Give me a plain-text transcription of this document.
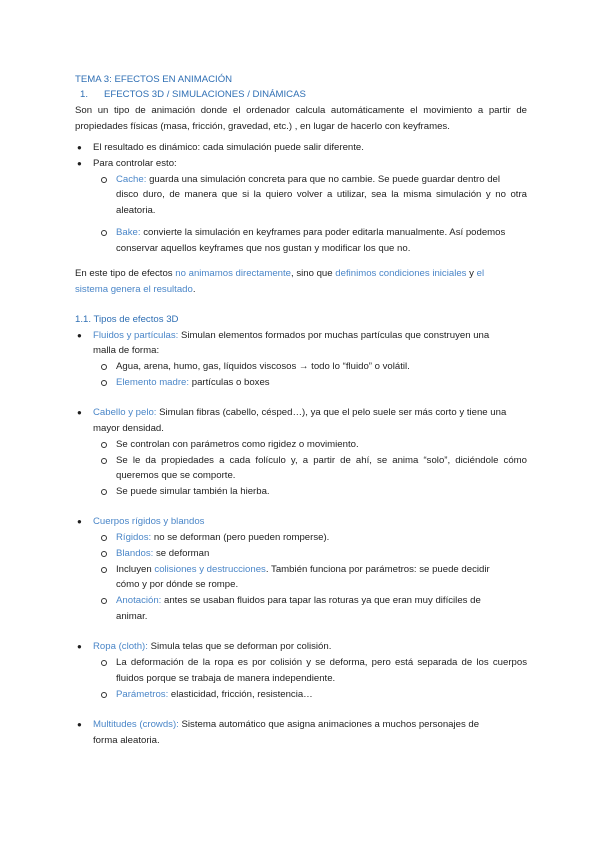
TEMA 3: EFECTOS EN ANIMACIÓN
1. EFECTOS 3D / SIMULACIONES / DINÁMICAS
Son un tipo de animación donde el ordenador calcula automáticamente el movimiento a partir de
propiedades físicas (masa, fricción, gravedad, etc.) , en lugar de hacerlo con keyframes.
● El resultado es dinámico: cada simulación puede salir diferente.
● Para controlar esto:
Cache: guarda una simulación concreta para que no cambie. Se puede guardar dentro del
disco duro, de manera que si la quiero volver a utilizar, sea la misma simulación y no otra
aleatoria.
Bake: convierte la simulación en keyframes para poder editarla manualmente. Así podemos
conservar aquellos keyframes que nos gustan y modificar los que no.
En este tipo de efectos no animamos directamente, sino que definimos condiciones iniciales y el
sistema genera el resultado.
1.1. Tipos de efectos 3D
● Fluidos y partículas: Simulan elementos formados por muchas partículas que construyen una
malla de forma:
Agua, arena, humo, gas, líquidos viscosos → todo lo “fluido” o volátil.
Elemento madre: partículas o boxes
● Cabello y pelo: Simulan fibras (cabello, césped…), ya que el pelo suele ser más corto y tiene una
mayor densidad.
Se controlan con parámetros como rigidez o movimiento.
Se le da propiedades a cada folículo y, a partir de ahí, se anima “solo”, diciéndole cómo
queremos que se comporte.
Se puede simular también la hierba.
● Cuerpos rígidos y blandos
Rígidos: no se deforman (pero pueden romperse).
Blandos: se deforman
Incluyen colisiones y destrucciones. También funciona por parámetros: se puede decidir
cómo y por dónde se rompe.
Anotación: antes se usaban fluidos para tapar las roturas ya que eran muy difíciles de
animar.
● Ropa (cloth): Simula telas que se deforman por colisión.
La deformación de la ropa es por colisión y se deforma, pero está separada de los cuerpos
fluidos porque se trabaja de manera independiente.
Parámetros: elasticidad, fricción, resistencia…
● Multitudes (crowds): Sistema automático que asigna animaciones a muchos personajes de
forma aleatoria.
